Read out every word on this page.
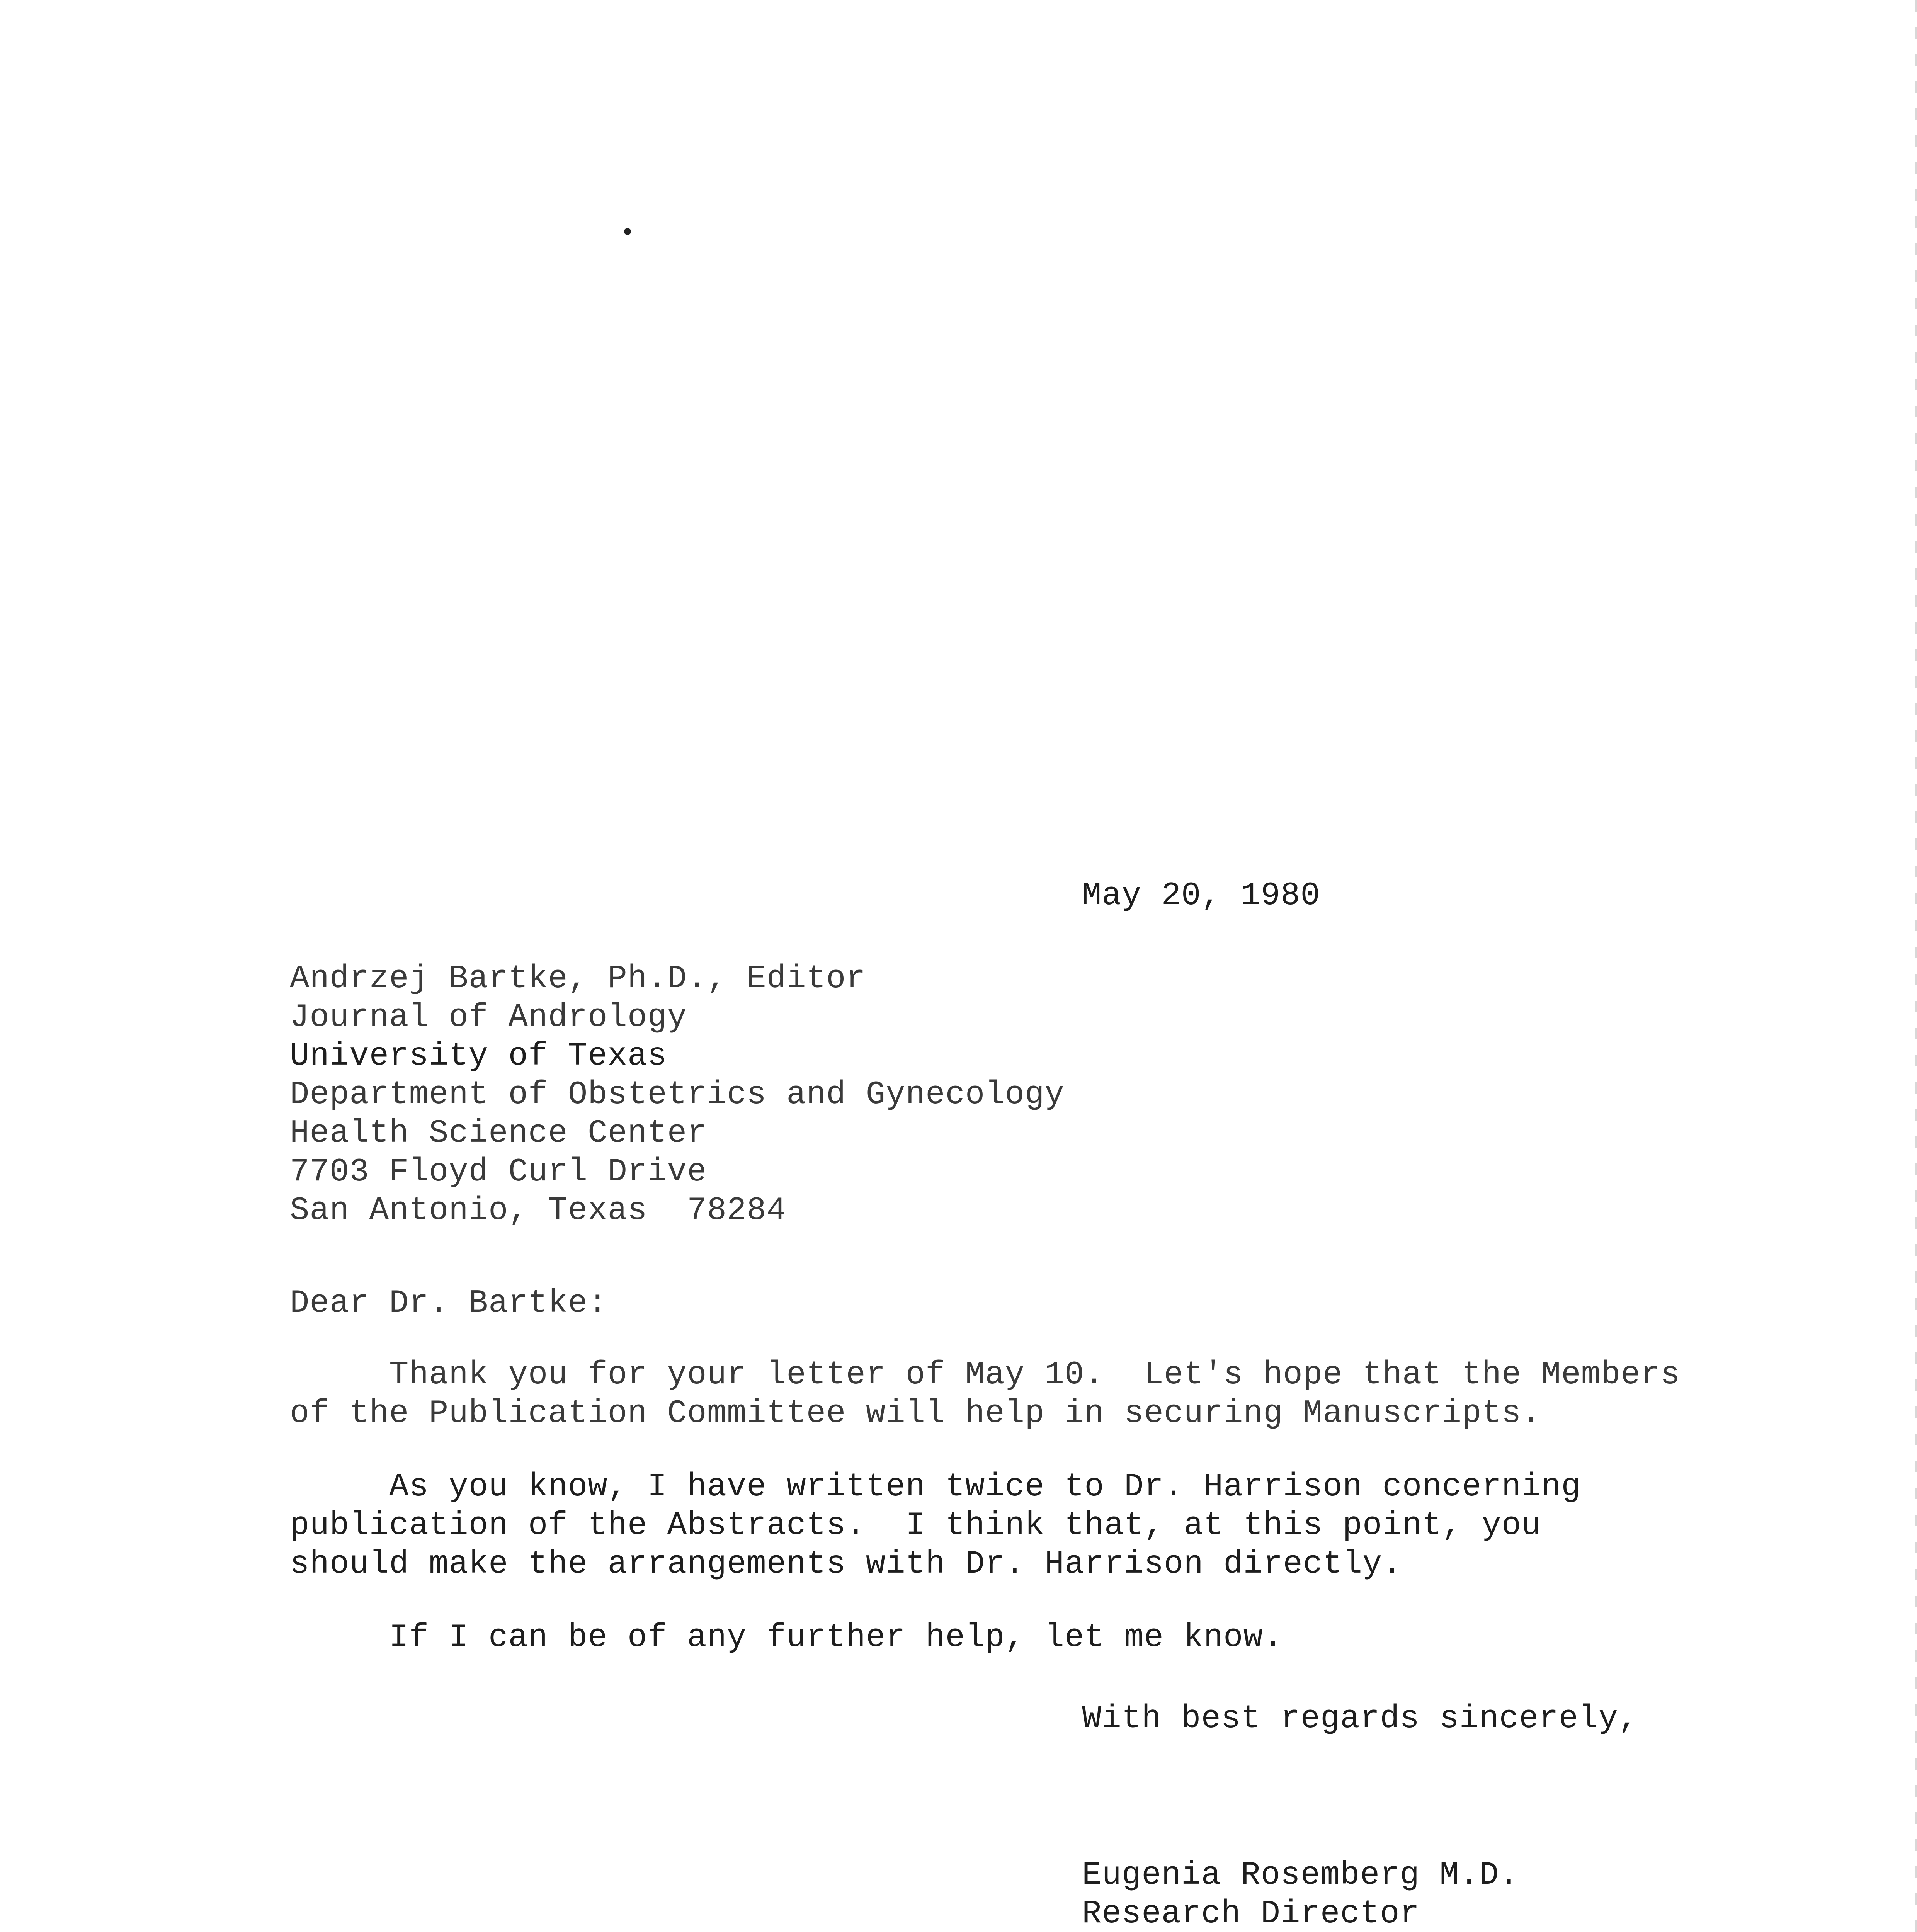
May 20, 1980
Andrzej Bartke, Ph.D., Editor
Journal of Andrology
University of Texas
Department of Obstetrics and Gynecology
Health Science Center
7703 Floyd Curl Drive
San Antonio, Texas  78284
Dear Dr. Bartke:
Thank you for your letter of May 10.  Let's hope that the Members
of the Publication Committee will help in securing Manuscripts.
As you know, I have written twice to Dr. Harrison concerning
publication of the Abstracts.  I think that, at this point, you
should make the arrangements with Dr. Harrison directly.
If I can be of any further help, let me know.
With best regards sincerely,
Eugenia Rosemberg M.D.
Research Director
